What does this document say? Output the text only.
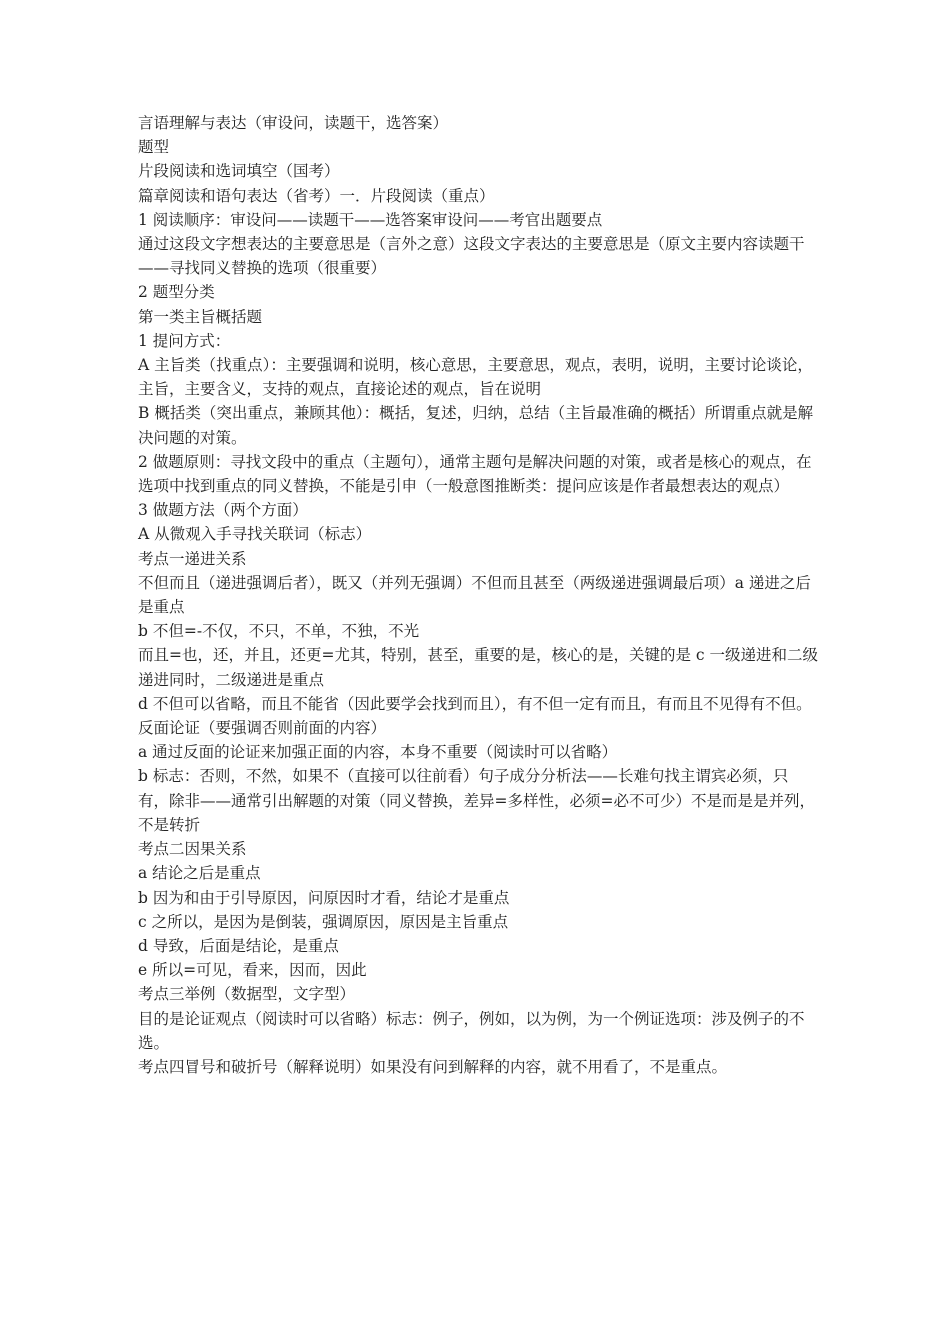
言语理解与表达（审设问，读题干，选答案）

题型

片段阅读和选词填空（国考）

篇章阅读和语句表达（省考）一．片段阅读（重点）

1 阅读顺序：审设问——读题干——选答案审设问——考官出题要点

通过这段文字想表达的主要意思是（言外之意）这段文字表达的主要意思是（原文主要内容读题干——寻找同义替换的选项（很重要）

2 题型分类

第一类主旨概括题

1 提问方式：

A 主旨类（找重点）：主要强调和说明，核心意思，主要意思，观点，表明，说明，主要讨论谈论，主旨，主要含义，支持的观点，直接论述的观点，旨在说明

B 概括类（突出重点，兼顾其他）：概括，复述，归纳，总结（主旨最准确的概括）所谓重点就是解决问题的对策。

2 做题原则：寻找文段中的重点（主题句），通常主题句是解决问题的对策，或者是核心的观点，在选项中找到重点的同义替换，不能是引申（一般意图推断类：提问应该是作者最想表达的观点）

3 做题方法（两个方面）

A 从微观入手寻找关联词（标志）

考点一递进关系

不但而且（递进强调后者），既又（并列无强调）不但而且甚至（两级递进强调最后项）a 递进之后是重点

b 不但=-不仅，不只，不单，不独，不光

而且=也，还，并且，还更=尤其，特别，甚至，重要的是，核心的是，关键的是 c 一级递进和二级递进同时，二级递进是重点

d 不但可以省略，而且不能省（因此要学会找到而且），有不但一定有而且，有而且不见得有不但。

反面论证（要强调否则前面的内容）

a 通过反面的论证来加强正面的内容，本身不重要（阅读时可以省略）

b 标志：否则，不然，如果不（直接可以往前看）句子成分分析法——长难句找主谓宾必须，只有，除非——通常引出解题的对策（同义替换，差异=多样性，必须=必不可少）不是而是是并列，不是转折

考点二因果关系

a 结论之后是重点

b 因为和由于引导原因，问原因时才看，结论才是重点

c 之所以，是因为是倒装，强调原因，原因是主旨重点

d 导致，后面是结论，是重点

e 所以=可见，看来，因而，因此

考点三举例（数据型，文字型）

目的是论证观点（阅读时可以省略）标志：例子，例如，以为例，为一个例证选项：涉及例子的不选。

考点四冒号和破折号（解释说明）如果没有问到解释的内容，就不用看了，不是重点。
